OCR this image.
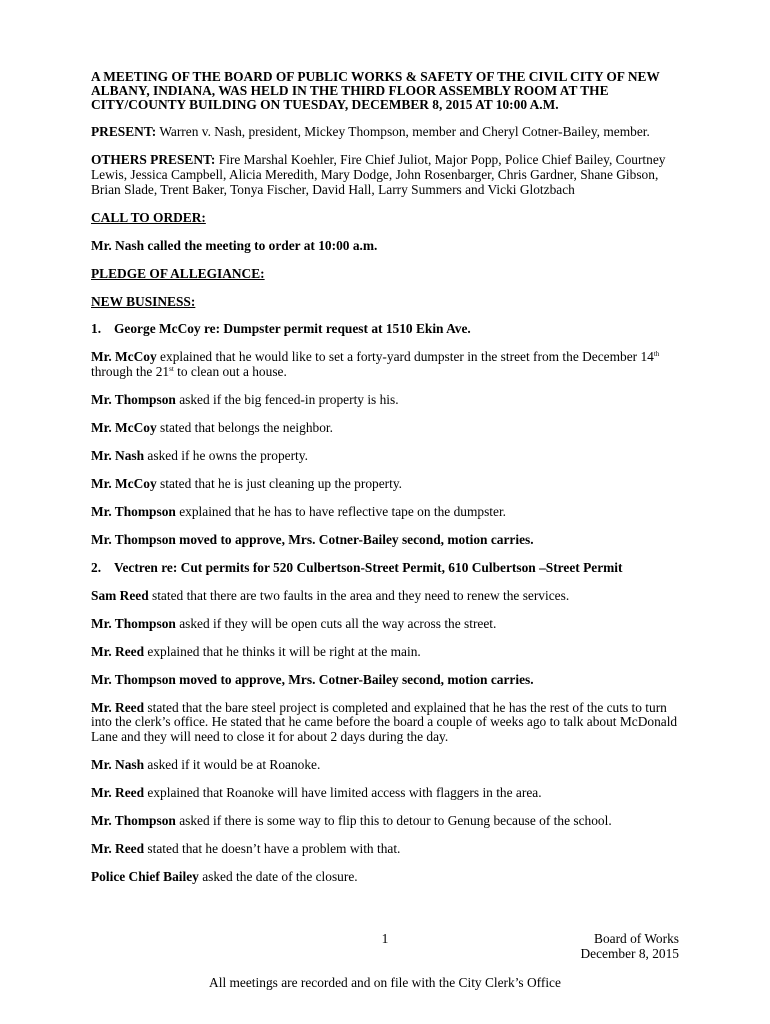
A MEETING OF THE BOARD OF PUBLIC WORKS & SAFETY OF THE CIVIL CITY OF NEW ALBANY, INDIANA, WAS HELD IN THE THIRD FLOOR ASSEMBLY ROOM AT THE CITY/COUNTY BUILDING ON TUESDAY, DECEMBER 8, 2015 AT 10:00 A.M.

PRESENT: Warren v. Nash, president, Mickey Thompson, member and Cheryl Cotner-Bailey, member.

OTHERS PRESENT: Fire Marshal Koehler, Fire Chief Juliot, Major Popp, Police Chief Bailey, Courtney Lewis, Jessica Campbell, Alicia Meredith, Mary Dodge, John Rosenbarger, Chris Gardner, Shane Gibson, Brian Slade, Trent Baker, Tonya Fischer, David Hall, Larry Summers and Vicki Glotzbach

CALL TO ORDER:

Mr. Nash called the meeting to order at 10:00 a.m.

PLEDGE OF ALLEGIANCE:

NEW BUSINESS:

1. George McCoy re: Dumpster permit request at 1510 Ekin Ave.

Mr. McCoy explained that he would like to set a forty-yard dumpster in the street from the December 14th through the 21st to clean out a house.

Mr. Thompson asked if the big fenced-in property is his.

Mr. McCoy stated that belongs the neighbor.

Mr. Nash asked if he owns the property.

Mr. McCoy stated that he is just cleaning up the property.

Mr. Thompson explained that he has to have reflective tape on the dumpster.

Mr. Thompson moved to approve, Mrs. Cotner-Bailey second, motion carries.

2. Vectren re: Cut permits for 520 Culbertson-Street Permit, 610 Culbertson –Street Permit

Sam Reed stated that there are two faults in the area and they need to renew the services.

Mr. Thompson asked if they will be open cuts all the way across the street.

Mr. Reed explained that he thinks it will be right at the main.

Mr. Thompson moved to approve, Mrs. Cotner-Bailey second, motion carries.

Mr. Reed stated that the bare steel project is completed and explained that he has the rest of the cuts to turn into the clerk’s office. He stated that he came before the board a couple of weeks ago to talk about McDonald Lane and they will need to close it for about 2 days during the day.

Mr. Nash asked if it would be at Roanoke.

Mr. Reed explained that Roanoke will have limited access with flaggers in the area.

Mr. Thompson asked if there is some way to flip this to detour to Genung because of the school.

Mr. Reed stated that he doesn’t have a problem with that.

Police Chief Bailey asked the date of the closure.

1	Board of Works
December 8, 2015
All meetings are recorded and on file with the City Clerk’s Office
